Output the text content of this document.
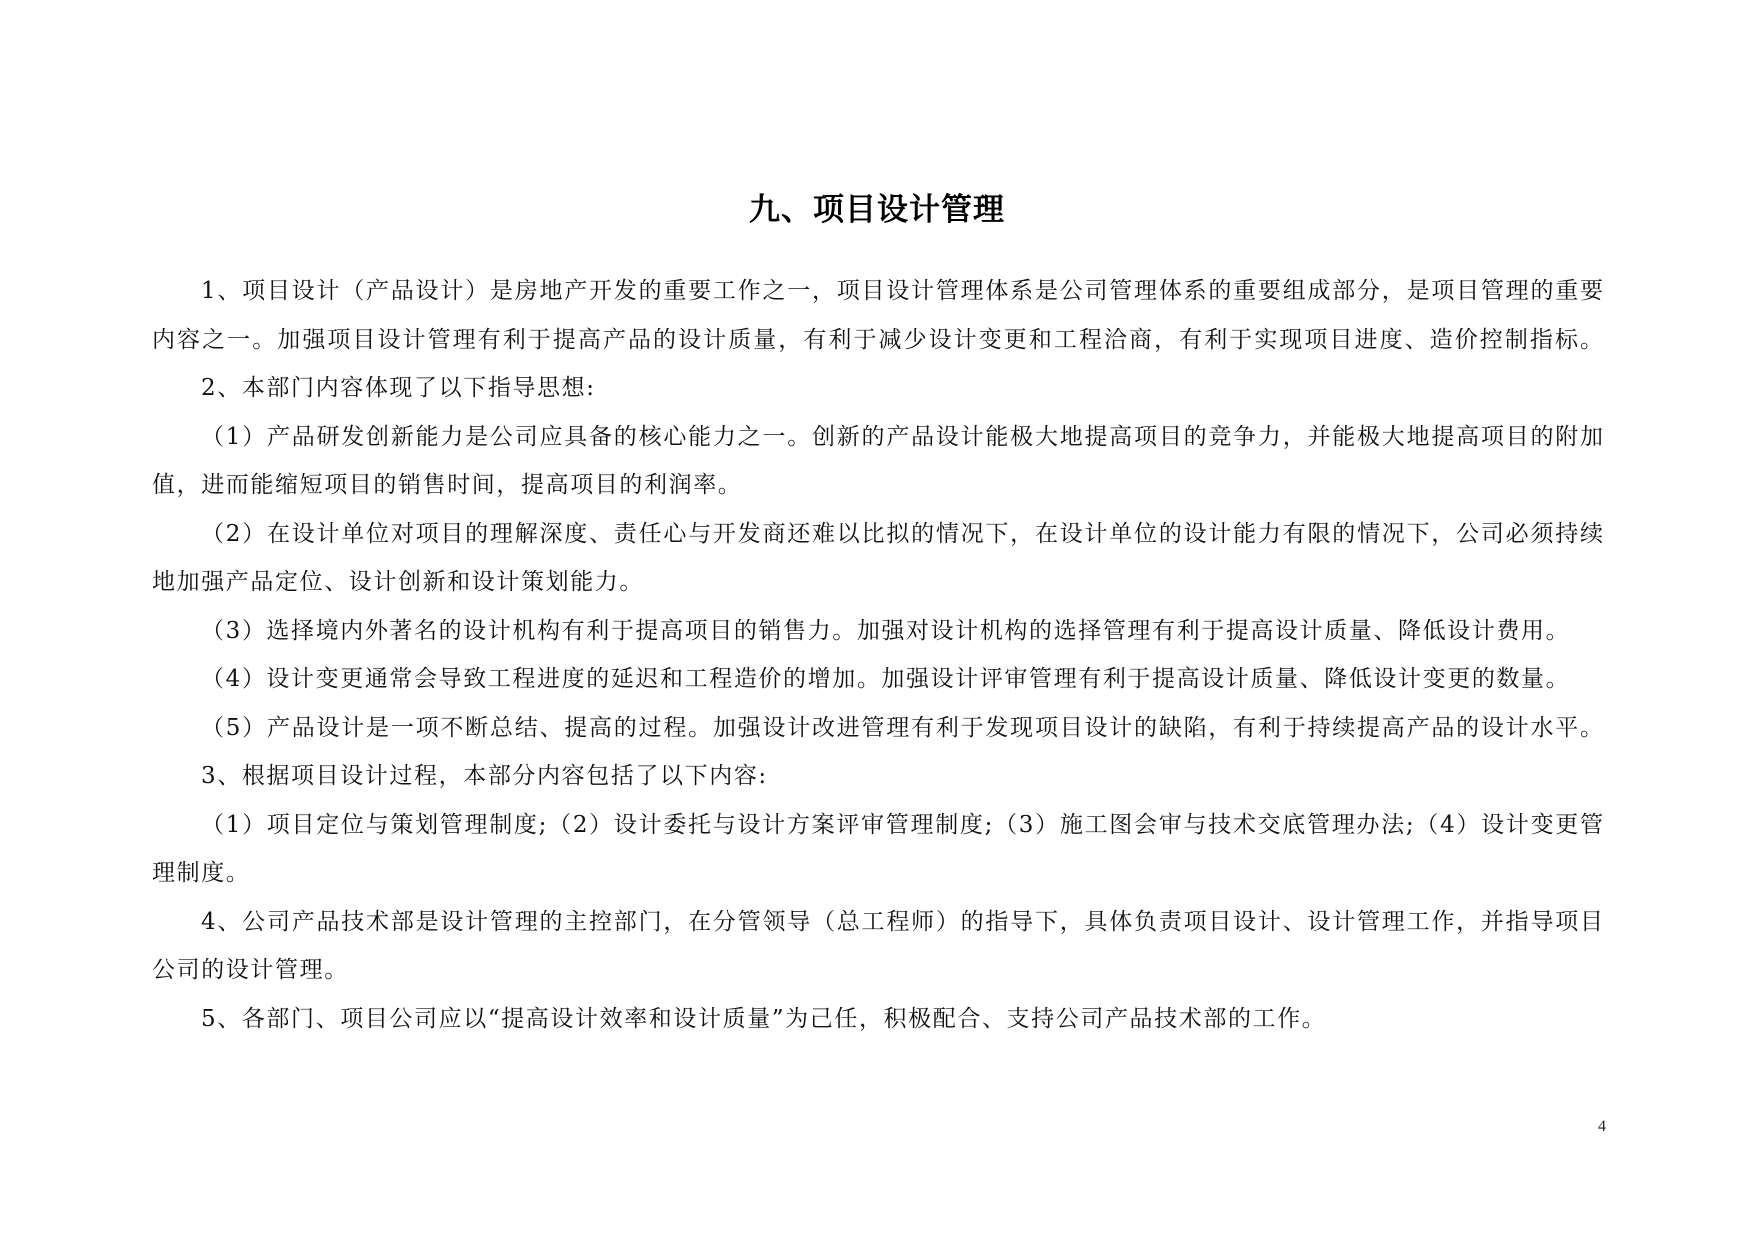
九、项目设计管理
1、项目设计（产品设计）是房地产开发的重要工作之一，项目设计管理体系是公司管理体系的重要组成部分，是项目管理的重要
内容之一。加强项目设计管理有利于提高产品的设计质量，有利于减少设计变更和工程洽商，有利于实现项目进度、造价控制指标。
2、本部门内容体现了以下指导思想:
（1）产品研发创新能力是公司应具备的核心能力之一。创新的产品设计能极大地提高项目的竞争力，并能极大地提高项目的附加
值，进而能缩短项目的销售时间，提高项目的利润率。
（2）在设计单位对项目的理解深度、责任心与开发商还难以比拟的情况下，在设计单位的设计能力有限的情况下，公司必须持续
地加强产品定位、设计创新和设计策划能力。
（3）选择境内外著名的设计机构有利于提高项目的销售力。加强对设计机构的选择管理有利于提高设计质量、降低设计费用。
（4）设计变更通常会导致工程进度的延迟和工程造价的增加。加强设计评审管理有利于提高设计质量、降低设计变更的数量。
（5）产品设计是一项不断总结、提高的过程。加强设计改进管理有利于发现项目设计的缺陷，有利于持续提高产品的设计水平。
3、根据项目设计过程，本部分内容包括了以下内容:
（1）项目定位与策划管理制度;（2）设计委托与设计方案评审管理制度;（3）施工图会审与技术交底管理办法;（4）设计变更管
理制度。
4、公司产品技术部是设计管理的主控部门，在分管领导（总工程师）的指导下，具体负责项目设计、设计管理工作，并指导项目
公司的设计管理。
5、各部门、项目公司应以“提高设计效率和设计质量”为己任，积极配合、支持公司产品技术部的工作。
4
